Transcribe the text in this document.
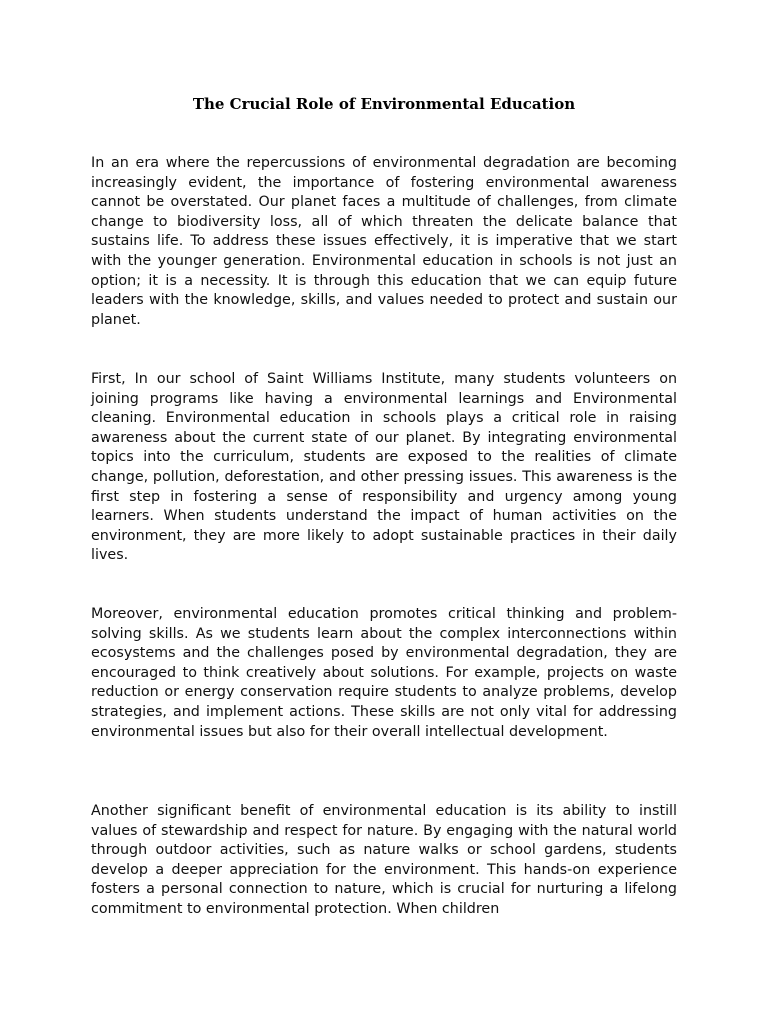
The Crucial Role of Environmental Education

In an era where the repercussions of environmental degradation are becoming increasingly evident, the importance of fostering environmental awareness cannot be overstated. Our planet faces a multitude of challenges, from climate change to biodiversity loss, all of which threaten the delicate balance that sustains life. To address these issues effectively, it is imperative that we start with the younger generation. Environmental education in schools is not just an option; it is a necessity. It is through this education that we can equip future leaders with the knowledge, skills, and values needed to protect and sustain our planet.

First, In our school of Saint Williams Institute, many students volunteers on joining programs like having a environmental learnings and Environmental cleaning. Environmental education in schools plays a critical role in raising awareness about the current state of our planet. By integrating environmental topics into the curriculum, students are exposed to the realities of climate change, pollution, deforestation, and other pressing issues. This awareness is the first step in fostering a sense of responsibility and urgency among young learners. When students understand the impact of human activities on the environment, they are more likely to adopt sustainable practices in their daily lives.

Moreover, environmental education promotes critical thinking and problem-solving skills. As we students learn about the complex interconnections within ecosystems and the challenges posed by environmental degradation, they are encouraged to think creatively about solutions. For example, projects on waste reduction or energy conservation require students to analyze problems, develop strategies, and implement actions. These skills are not only vital for addressing environmental issues but also for their overall intellectual development.

Another significant benefit of environmental education is its ability to instill values of stewardship and respect for nature. By engaging with the natural world through outdoor activities, such as nature walks or school gardens, students develop a deeper appreciation for the environment. This hands-on experience fosters a personal connection to nature, which is crucial for nurturing a lifelong commitment to environmental protection. When children
